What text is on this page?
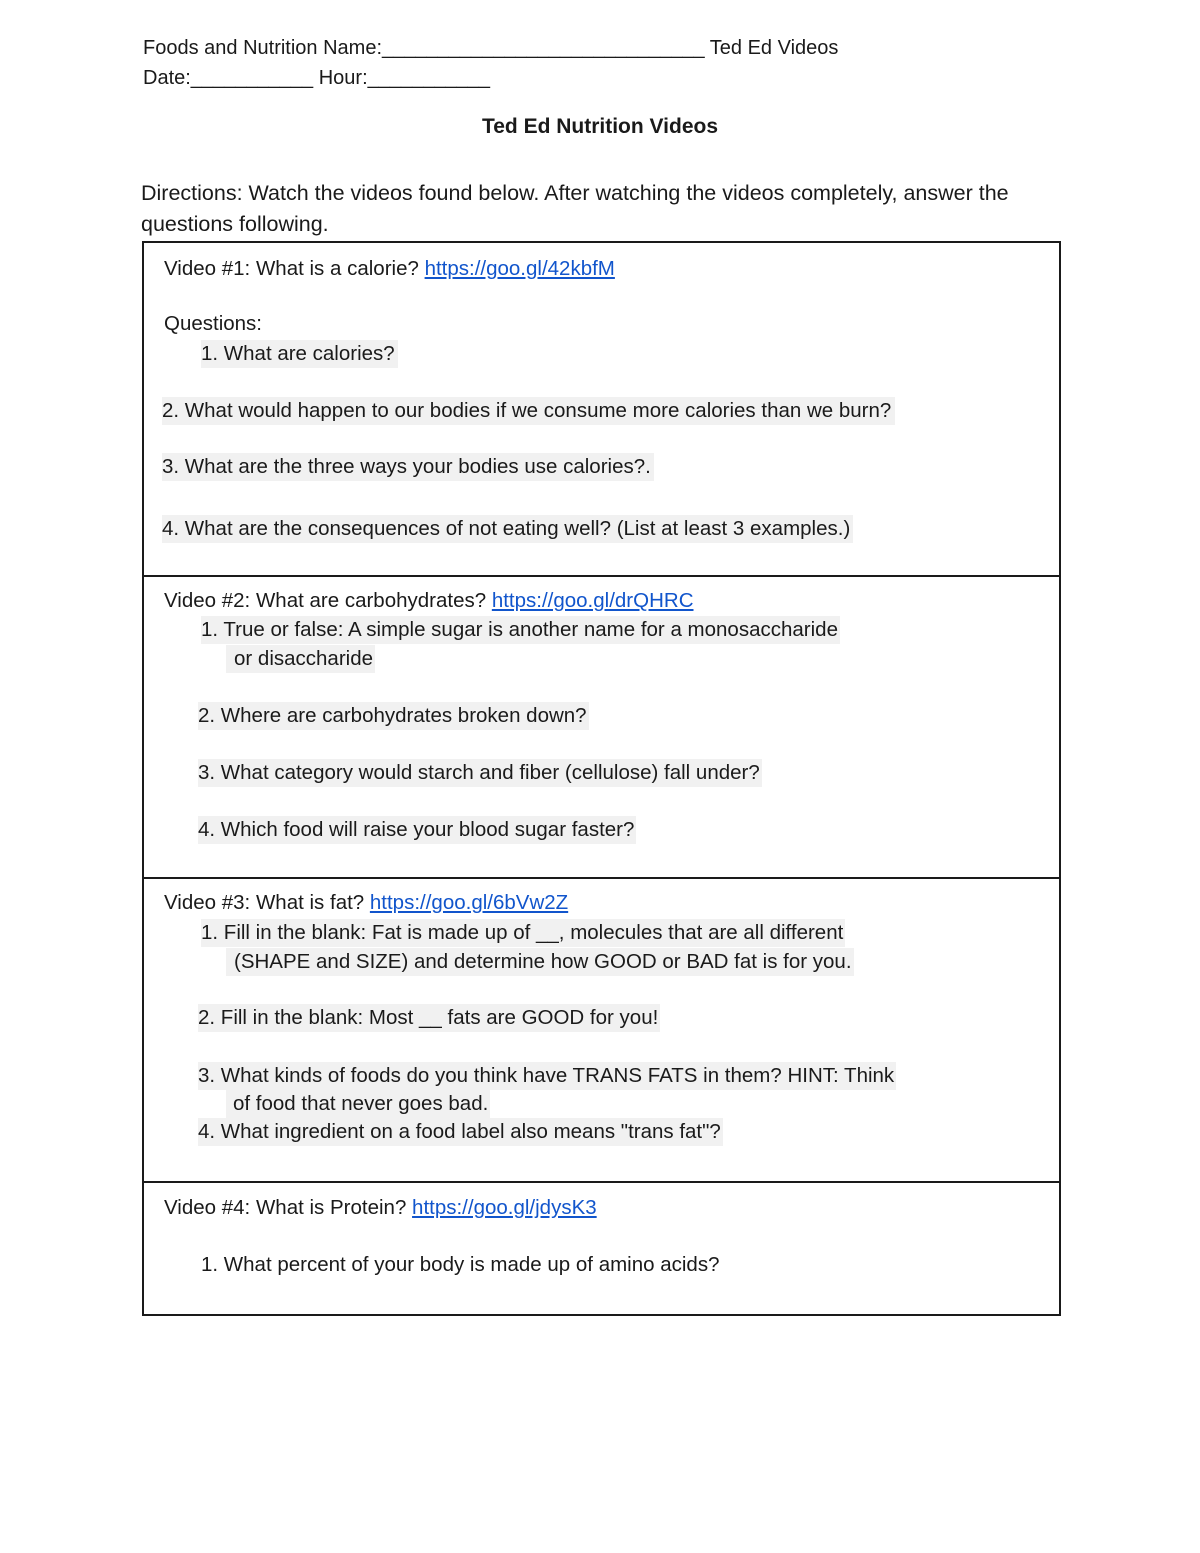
Foods and Nutrition Name:_____________________________ Ted Ed Videos
Date:___________ Hour:___________
Ted Ed Nutrition Videos
Directions: Watch the videos found below. After watching the videos completely, answer the questions following.
Video #1: What is a calorie? https://goo.gl/42kbfM
Questions:
1. What are calories?
2. What would happen to our bodies if we consume more calories than we burn?
3. What are the three ways your bodies use calories?.
4. What are the consequences of not eating well? (List at least 3 examples.)
Video #2: What are carbohydrates? https://goo.gl/drQHRC
1. True or false: A simple sugar is another name for a monosaccharide
or disaccharide
2. Where are carbohydrates broken down?
3. What category would starch and fiber (cellulose) fall under?
4. Which food will raise your blood sugar faster?
Video #3: What is fat? https://goo.gl/6bVw2Z
1. Fill in the blank: Fat is made up of __, molecules that are all different
(SHAPE and SIZE) and determine how GOOD or BAD fat is for you.
2. Fill in the blank: Most __ fats are GOOD for you!
3. What kinds of foods do you think have TRANS FATS in them? HINT: Think
of food that never goes bad.
4. What ingredient on a food label also means "trans fat"?
Video #4: What is Protein? https://goo.gl/jdysK3
1. What percent of your body is made up of amino acids?
